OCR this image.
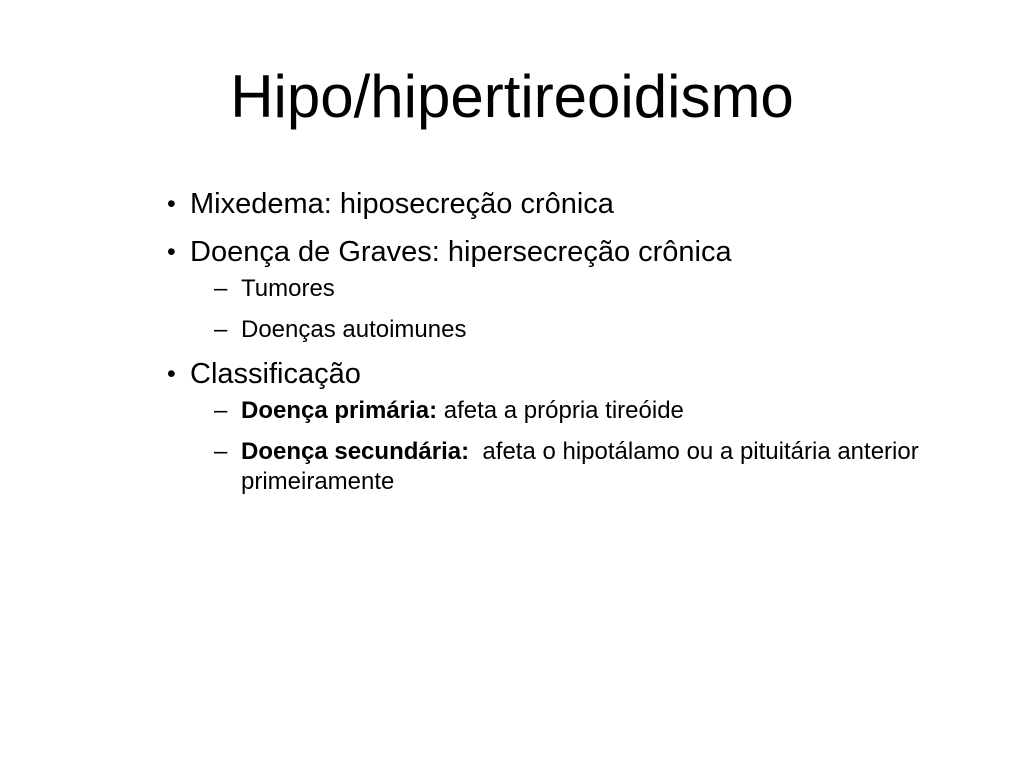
Hipo/hipertireoidismo
• Mixedema: hiposecreção crônica
• Doença de Graves: hipersecreção crônica
– Tumores
– Doenças autoimunes
• Classificação
– Doença primária: afeta a própria tireóide
– Doença secundária:  afeta o hipotálamo ou a pituitária anterior  primeiramente
